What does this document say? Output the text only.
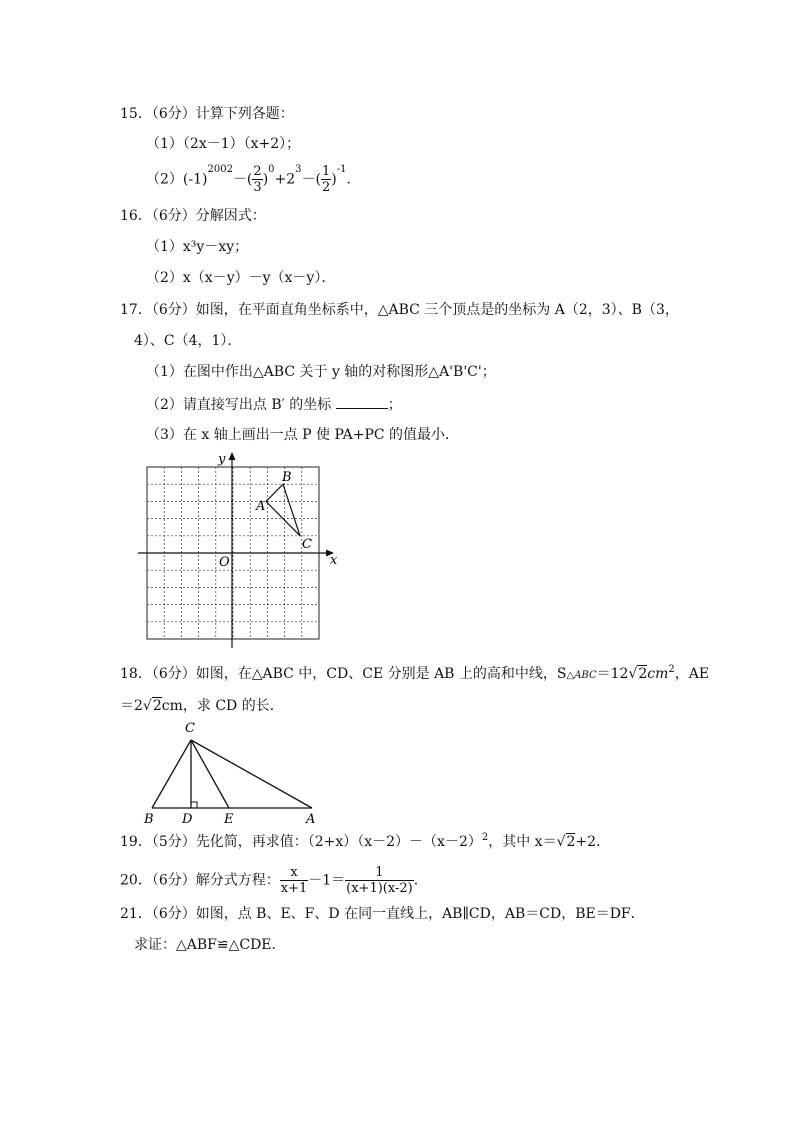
15．（6分）计算下列各题：
（1）（2x－1）（x+2）；
$(2)(-1)^{2002}-( \frac{2}{3} )^0+2^3-( \frac{1}{2} )^{-1}$.
16．（6分）分解因式：
（1）x³y－xy；
（2）x（x－y）－y（x－y）．
17．（6分）如图，在平面直角坐标系中，△ABC 三个顶点是的坐标为 A（2，3）、B（3，
4）、C（4，1）．
（1）在图中作出△ABC 关于 y 轴的对称图形△A'B'C'；
（2）请直接写出点 B′ 的坐标	；
（3）在 x 轴上画出一点 P 使 PA+PC 的值最小．
x
y
O
A
B
C
18．（6分）如图，在△ABC 中，CD、CE 分别是 AB 上的高和中线，$S\triangle ABC=12√2cm^2$，AE
＝2√2cm，求 CD 的长．
C
B D E	A
19．（5分）先化简，再求值：$(2+x)(x-2)-(x-2)^2$，其中 x＝√2+2．
20．（6分）解分式方程： $\frac{x}{x+1} -1= \frac{1}{(x+1)(x-2)}$ ．
21．（6分）如图，点 B、E、F、D 在同一直线上，AB∥CD，AB＝CD，BE＝DF．
求证：△ABF≌△CDE．
